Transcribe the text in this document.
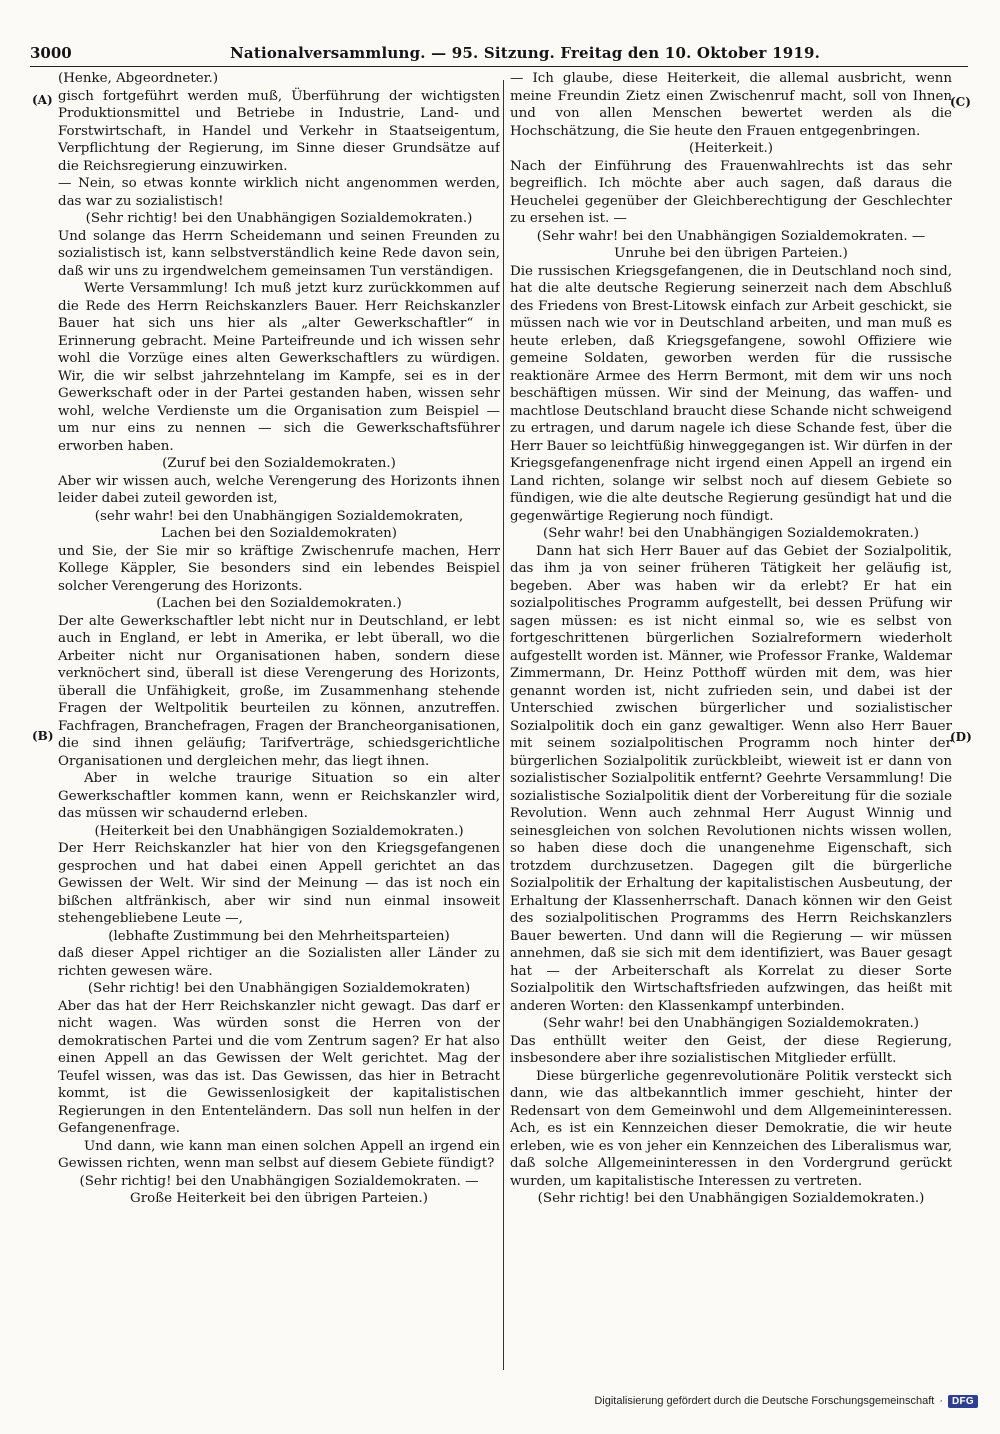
3000	Nationalversammlung. — 95. Sitzung. Freitag den 10. Oktober 1919.
(A)
(B)
(C)
(D)

(Henke, Abgeordneter.)

gisch fortgeführt werden muß, Überführung der wichtigsten Produktionsmittel und Betriebe in Industrie, Land- und Forstwirtschaft, in Handel und Verkehr in Staatseigentum, Verpflichtung der Regierung, im Sinne dieser Grundsätze auf die Reichsregierung einzuwirken.

— Nein, so etwas konnte wirklich nicht angenommen werden, das war zu sozialistisch!

(Sehr richtig! bei den Unabhängigen Sozialdemokraten.)

Und solange das Herrn Scheidemann und seinen Freunden zu sozialistisch ist, kann selbstverständlich keine Rede davon sein, daß wir uns zu irgendwelchem gemeinsamen Tun verständigen.

Werte Versammlung! Ich muß jetzt kurz zurückkommen auf die Rede des Herrn Reichskanzlers Bauer. Herr Reichskanzler Bauer hat sich uns hier als „alter Gewerkschaftler“ in Erinnerung gebracht. Meine Parteifreunde und ich wissen sehr wohl die Vorzüge eines alten Gewerkschaftlers zu würdigen. Wir, die wir selbst jahrzehntelang im Kampfe, sei es in der Gewerkschaft oder in der Partei gestanden haben, wissen sehr wohl, welche Verdienste um die Organisation zum Beispiel — um nur eins zu nennen — sich die Gewerkschaftsführer erworben haben.

(Zuruf bei den Sozialdemokraten.)

Aber wir wissen auch, welche Verengerung des Horizonts ihnen leider dabei zuteil geworden ist,

(sehr wahr! bei den Unabhängigen Sozialdemokraten, Lachen bei den Sozialdemokraten)

und Sie, der Sie mir so kräftige Zwischenrufe machen, Herr Kollege Käppler, Sie besonders sind ein lebendes Beispiel solcher Verengerung des Horizonts.

(Lachen bei den Sozialdemokraten.)

Der alte Gewerkschaftler lebt nicht nur in Deutschland, er lebt auch in England, er lebt in Amerika, er lebt überall, wo die Arbeiter nicht nur Organisationen haben, sondern diese verknöchert sind, überall ist diese Verengerung des Horizonts, überall die Unfähigkeit, große, im Zusammenhang stehende Fragen der Weltpolitik beurteilen zu können, anzutreffen. Fachfragen, Branchefragen, Fragen der Brancheorganisationen, die sind ihnen geläufig; Tarifverträge, schiedsgerichtliche Organisationen und dergleichen mehr, das liegt ihnen.

Aber in welche traurige Situation so ein alter Gewerkschaftler kommen kann, wenn er Reichskanzler wird, das müssen wir schaudernd erleben.

(Heiterkeit bei den Unabhängigen Sozialdemokraten.)

Der Herr Reichskanzler hat hier von den Kriegsgefangenen gesprochen und hat dabei einen Appell gerichtet an das Gewissen der Welt. Wir sind der Meinung — das ist noch ein bißchen altfränkisch, aber wir sind nun einmal insoweit stehengebliebene Leute —,

(lebhafte Zustimmung bei den Mehrheitsparteien)

daß dieser Appel richtiger an die Sozialisten aller Länder zu richten gewesen wäre.

(Sehr richtig! bei den Unabhängigen Sozialdemokraten)

Aber das hat der Herr Reichskanzler nicht gewagt. Das darf er nicht wagen. Was würden sonst die Herren von der demokratischen Partei und die vom Zentrum sagen? Er hat also einen Appell an das Gewissen der Welt gerichtet. Mag der Teufel wissen, was das ist. Das Gewissen, das hier in Betracht kommt, ist die Gewissenlosigkeit der kapitalistischen Regierungen in den Ententeländern. Das soll nun helfen in der Gefangenenfrage.

Und dann, wie kann man einen solchen Appell an irgend ein Gewissen richten, wenn man selbst auf diesem Gebiete fündigt?

(Sehr richtig! bei den Unabhängigen Sozialdemokraten. — Große Heiterkeit bei den übrigen Parteien.)

— Ich glaube, diese Heiterkeit, die allemal ausbricht, wenn meine Freundin Zietz einen Zwischenruf macht, soll von Ihnen und von allen Menschen bewertet werden als die Hochschätzung, die Sie heute den Frauen entgegenbringen.

(Heiterkeit.)

Nach der Einführung des Frauenwahlrechts ist das sehr begreiflich. Ich möchte aber auch sagen, daß daraus die Heuchelei gegenüber der Gleichberechtigung der Geschlechter zu ersehen ist. —

(Sehr wahr! bei den Unabhängigen Sozialdemokraten. — Unruhe bei den übrigen Parteien.)

Die russischen Kriegsgefangenen, die in Deutschland noch sind, hat die alte deutsche Regierung seinerzeit nach dem Abschluß des Friedens von Brest-Litowsk einfach zur Arbeit geschickt, sie müssen nach wie vor in Deutschland arbeiten, und man muß es heute erleben, daß Kriegsgefangene, sowohl Offiziere wie gemeine Soldaten, geworben werden für die russische reaktionäre Armee des Herrn Bermont, mit dem wir uns noch beschäftigen müssen. Wir sind der Meinung, das waffen- und machtlose Deutschland braucht diese Schande nicht schweigend zu ertragen, und darum nagele ich diese Schande fest, über die Herr Bauer so leichtfüßig hinweggegangen ist. Wir dürfen in der Kriegsgefangenenfrage nicht irgend einen Appell an irgend ein Land richten, solange wir selbst noch auf diesem Gebiete so fündigen, wie die alte deutsche Regierung gesündigt hat und die gegenwärtige Regierung noch fündigt.

(Sehr wahr! bei den Unabhängigen Sozialdemokraten.)

Dann hat sich Herr Bauer auf das Gebiet der Sozialpolitik, das ihm ja von seiner früheren Tätigkeit her geläufig ist, begeben. Aber was haben wir da erlebt? Er hat ein sozialpolitisches Programm aufgestellt, bei dessen Prüfung wir sagen müssen: es ist nicht einmal so, wie es selbst von fortgeschrittenen bürgerlichen Sozialreformern wiederholt aufgestellt worden ist. Männer, wie Professor Franke, Waldemar Zimmermann, Dr. Heinz Potthoff würden mit dem, was hier genannt worden ist, nicht zufrieden sein, und dabei ist der Unterschied zwischen bürgerlicher und sozialistischer Sozialpolitik doch ein ganz gewaltiger. Wenn also Herr Bauer mit seinem sozialpolitischen Programm noch hinter der bürgerlichen Sozialpolitik zurückbleibt, wieweit ist er dann von sozialistischer Sozialpolitik entfernt? Geehrte Versammlung! Die sozialistische Sozialpolitik dient der Vorbereitung für die soziale Revolution. Wenn auch zehnmal Herr August Winnig und seinesgleichen von solchen Revolutionen nichts wissen wollen, so haben diese doch die unangenehme Eigenschaft, sich trotzdem durchzusetzen. Dagegen gilt die bürgerliche Sozialpolitik der Erhaltung der kapitalistischen Ausbeutung, der Erhaltung der Klassenherrschaft. Danach können wir den Geist des sozialpolitischen Programms des Herrn Reichskanzlers Bauer bewerten. Und dann will die Regierung — wir müssen annehmen, daß sie sich mit dem identifiziert, was Bauer gesagt hat — der Arbeiterschaft als Korrelat zu dieser Sorte Sozialpolitik den Wirtschaftsfrieden aufzwingen, das heißt mit anderen Worten: den Klassenkampf unterbinden.

(Sehr wahr! bei den Unabhängigen Sozialdemokraten.)

Das enthüllt weiter den Geist, der diese Regierung, insbesondere aber ihre sozialistischen Mitglieder erfüllt.

Diese bürgerliche gegenrevolutionäre Politik versteckt sich dann, wie das altbekanntlich immer geschieht, hinter der Redensart von dem Gemeinwohl und dem Allgemeininteressen. Ach, es ist ein Kennzeichen dieser Demokratie, die wir heute erleben, wie es von jeher ein Kennzeichen des Liberalismus war, daß solche Allgemeininteressen in den Vordergrund gerückt wurden, um kapitalistische Interessen zu vertreten.

(Sehr richtig! bei den Unabhängigen Sozialdemokraten.)

Digitalisierung gefördert durch die Deutsche Forschungsgemeinschaft · DFG
